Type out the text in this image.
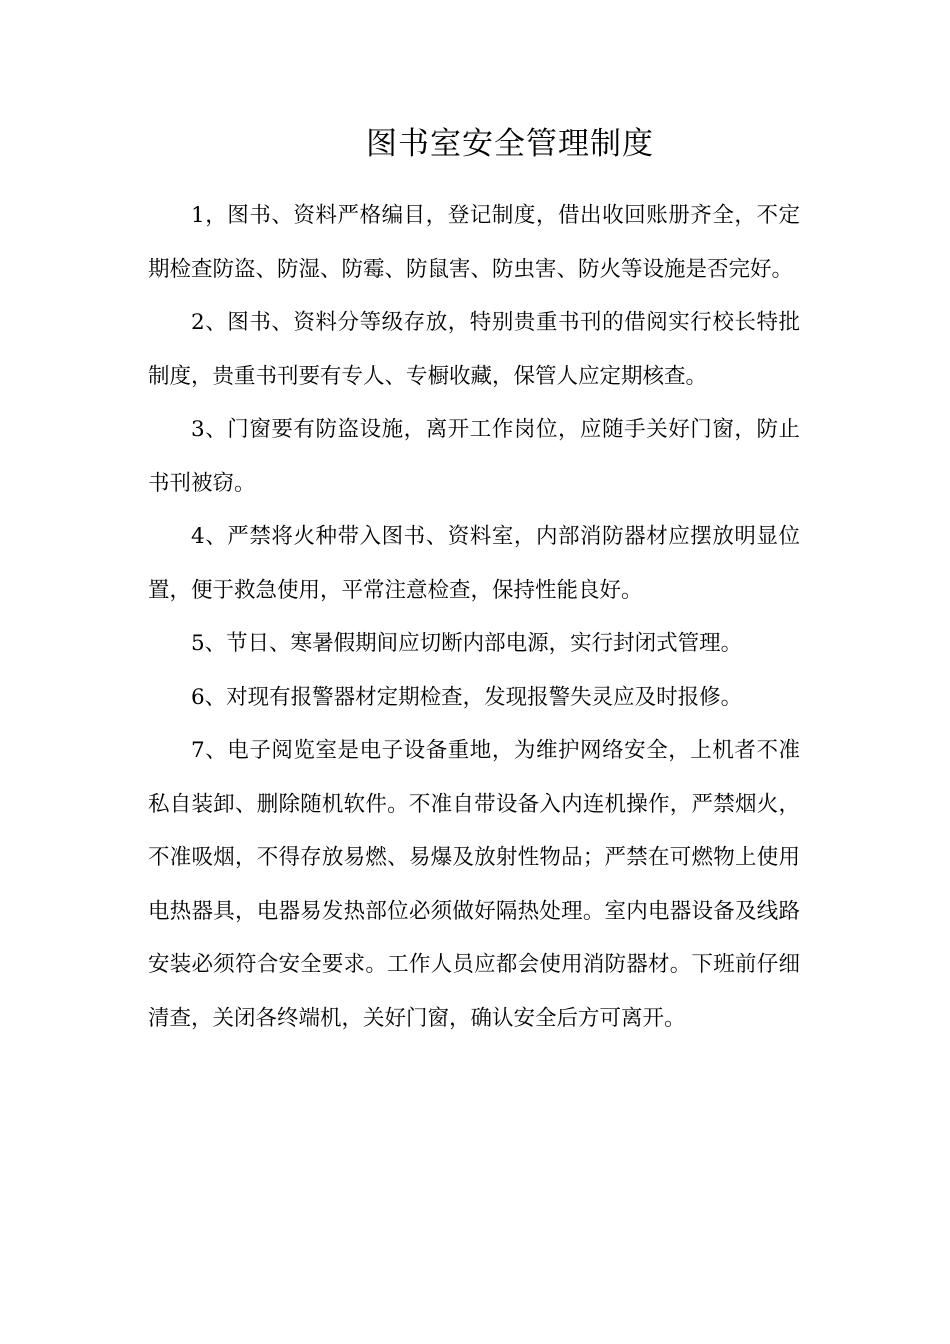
图书室安全管理制度

1，图书、资料严格编目，登记制度，借出收回账册齐全，不定期检查防盗、防湿、防霉、防鼠害、防虫害、防火等设施是否完好。

2、图书、资料分等级存放，特别贵重书刊的借阅实行校长特批制度，贵重书刊要有专人、专橱收藏，保管人应定期核查。

3、门窗要有防盗设施，离开工作岗位，应随手关好门窗，防止书刊被窃。

4、严禁将火种带入图书、资料室，内部消防器材应摆放明显位置，便于救急使用，平常注意检查，保持性能良好。

5、节日、寒暑假期间应切断内部电源，实行封闭式管理。

6、对现有报警器材定期检查，发现报警失灵应及时报修。

7、电子阅览室是电子设备重地，为维护网络安全，上机者不准私自装卸、删除随机软件。不准自带设备入内连机操作，严禁烟火，不准吸烟，不得存放易燃、易爆及放射性物品；严禁在可燃物上使用电热器具，电器易发热部位必须做好隔热处理。室内电器设备及线路安装必须符合安全要求。工作人员应都会使用消防器材。下班前仔细清查，关闭各终端机，关好门窗，确认安全后方可离开。
